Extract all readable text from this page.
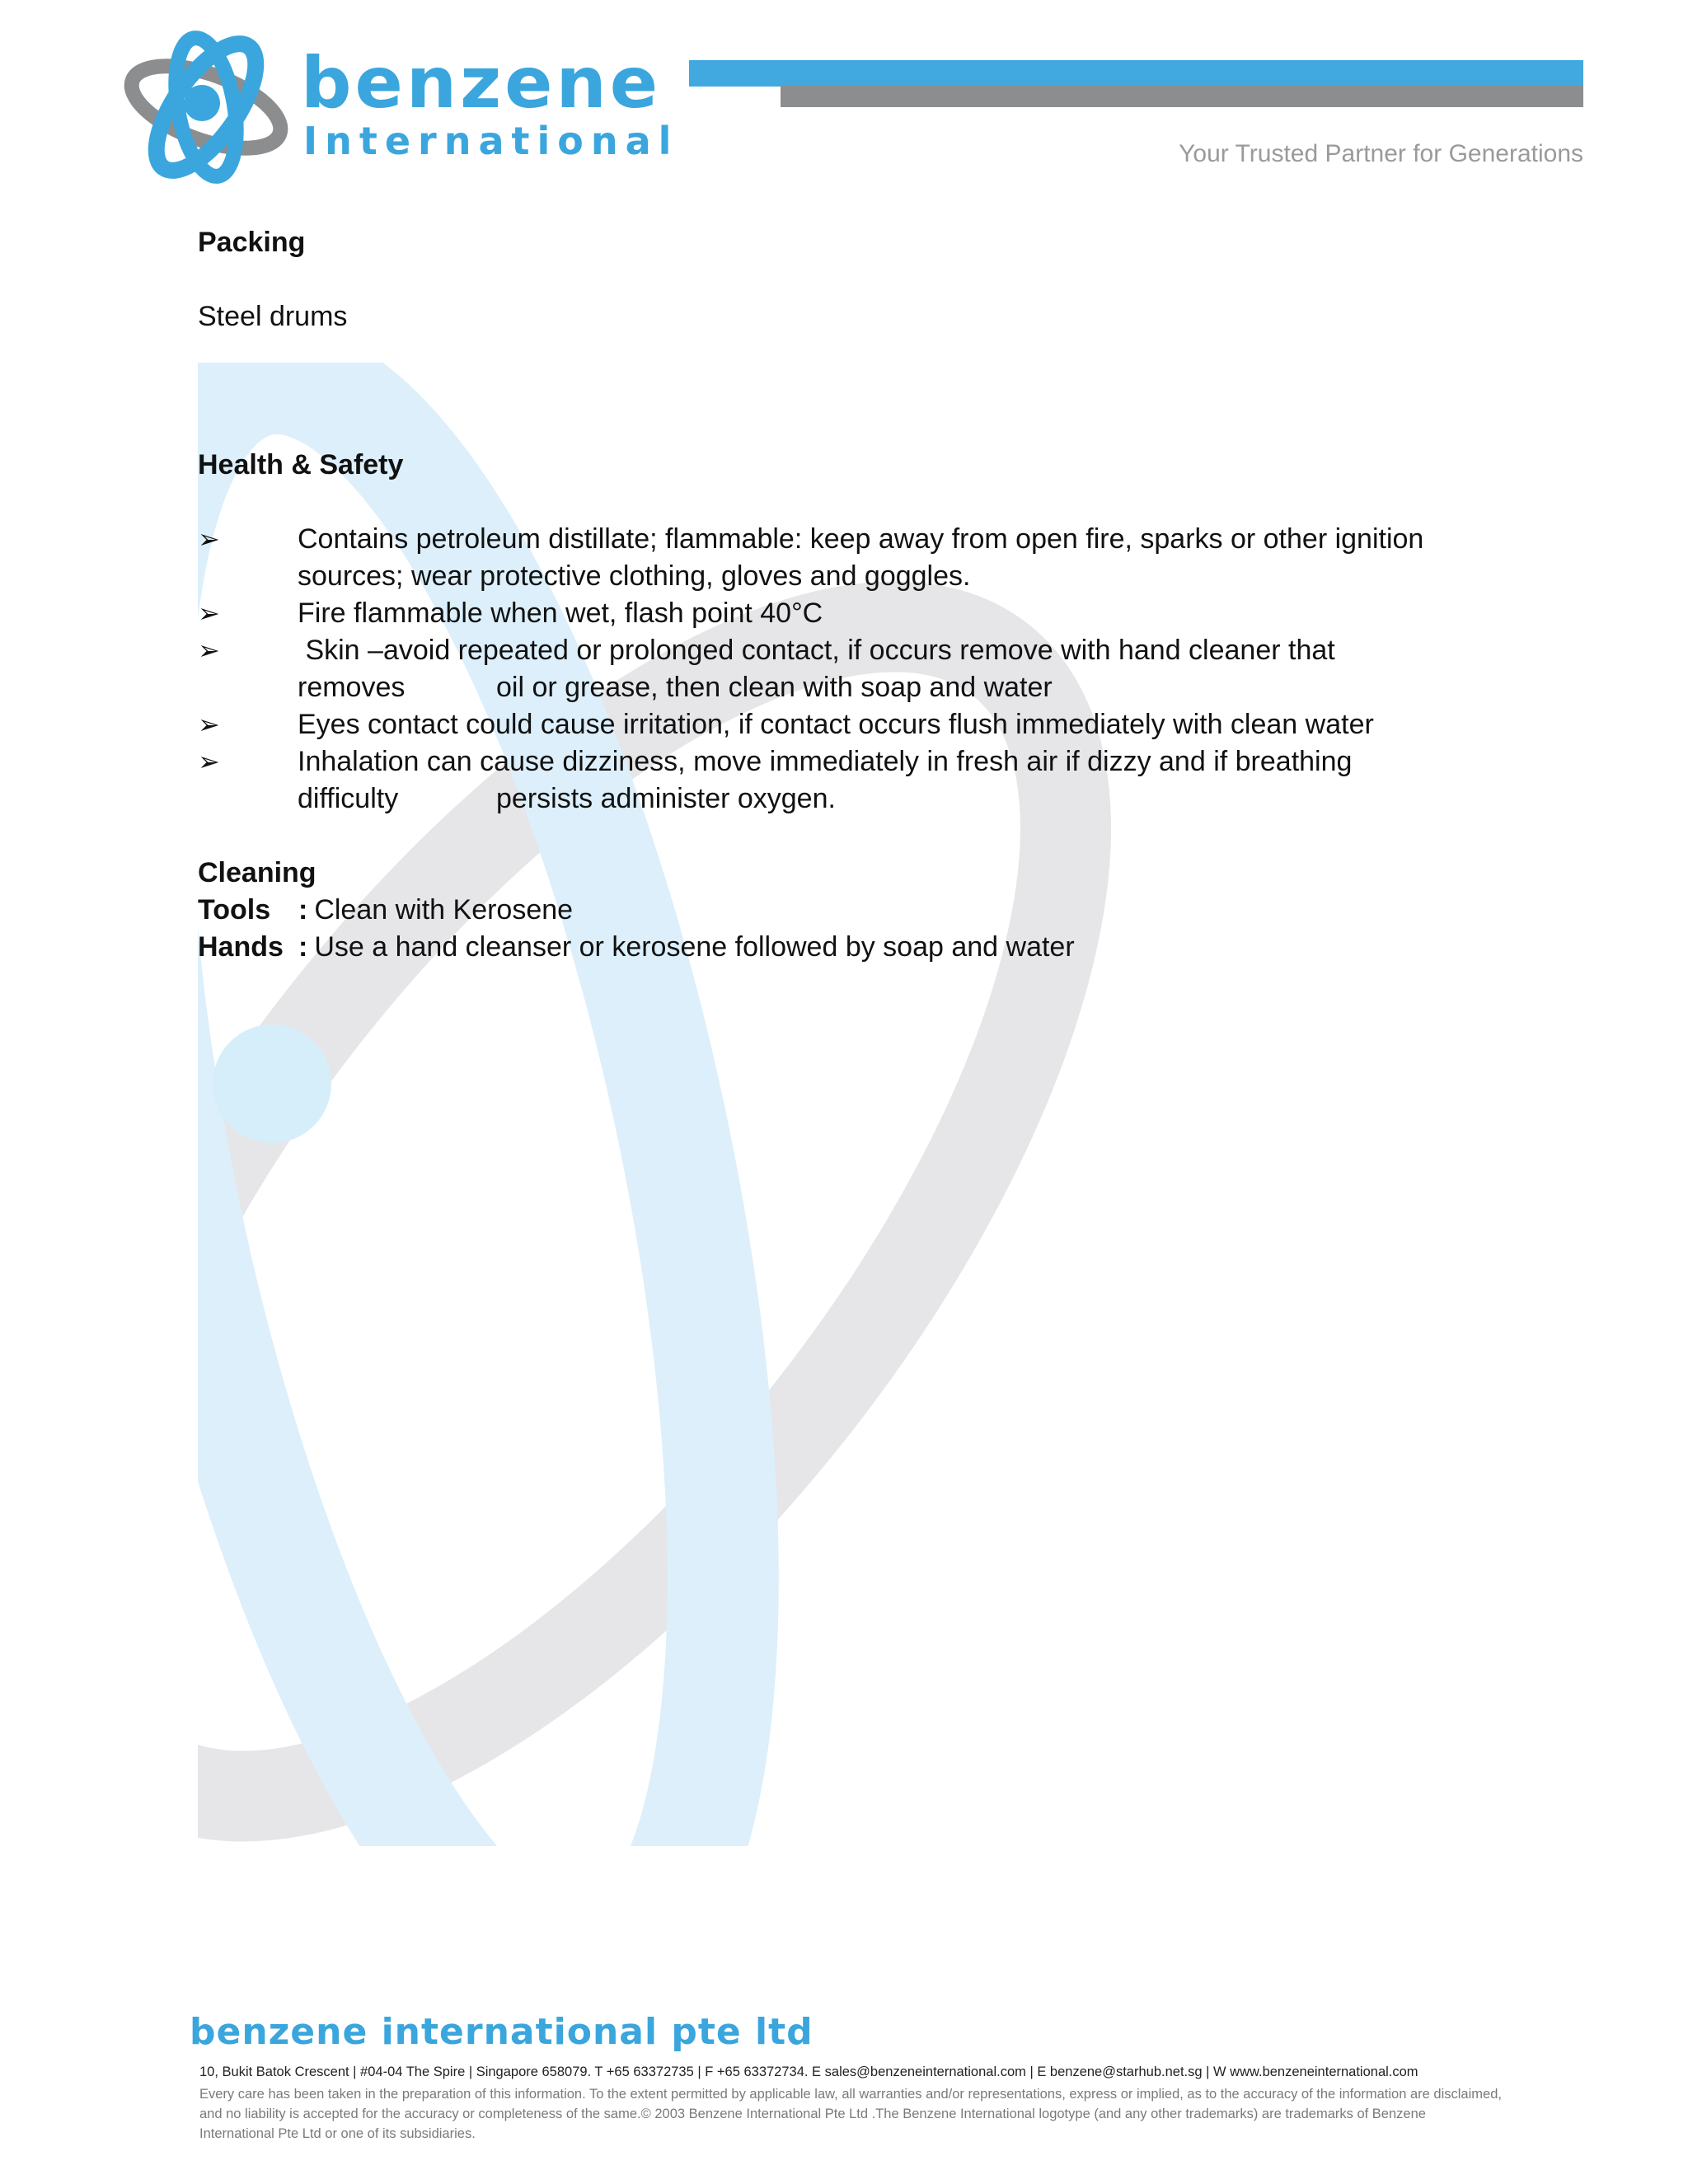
benzene
International	Your Trusted Partner for Generations
Packing
Steel drums
Health & Safety
➢	Contains petroleum distillate; flammable: keep away from open fire, sparks or other ignition
sources; wear protective clothing, gloves and goggles.
➢	Fire flammable when wet, flash point 40°C
➢	Skin –avoid repeated or prolonged contact, if occurs remove with hand cleaner that
removes	oil or grease, then clean with soap and water
➢	Eyes contact could cause irritation, if contact occurs flush immediately with clean water
➢	Inhalation can cause dizziness, move immediately in fresh air if dizzy and if breathing
difficulty	persists administer oxygen.
Cleaning
Tools : Clean with Kerosene
Hands : Use a hand cleanser or kerosene followed by soap and water
benzene international pte ltd
10, Bukit Batok Crescent | #04-04 The Spire | Singapore 658079. T +65 63372735 | F +65 63372734. E sales@benzeneinternational.com | E benzene@starhub.net.sg | W www.benzeneinternational.com
Every care has been taken in the preparation of this information. To the extent permitted by applicable law, all warranties and/or representations, express or implied, as to the accuracy of the information are disclaimed, and no liability is accepted for the accuracy or completeness of the same.© 2003 Benzene International Pte Ltd .The Benzene International logotype (and any other trademarks) are trademarks of Benzene International Pte Ltd or one of its subsidiaries.
